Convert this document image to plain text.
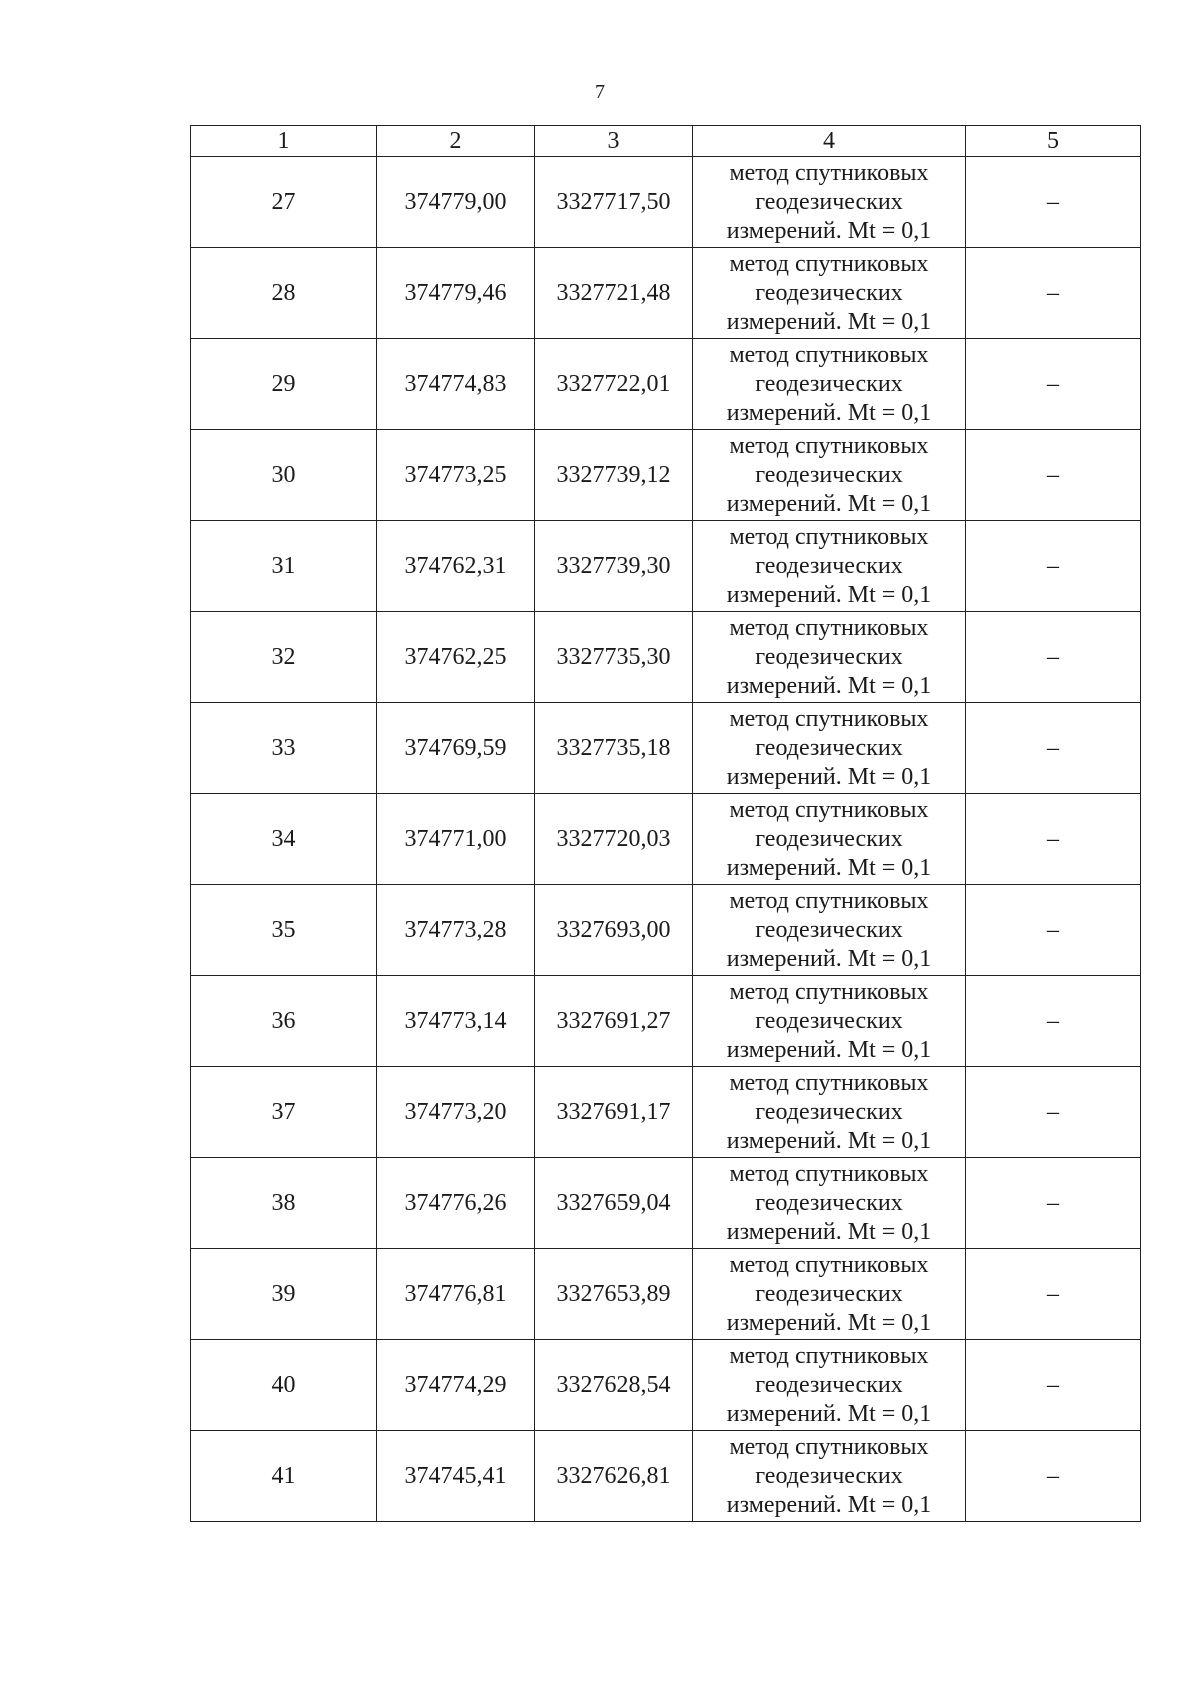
7
1	2	3	4	5
27	374779,00	3327717,50	метод спутниковых
геодезических
измерений. Mt = 0,1	–
28	374779,46	3327721,48	метод спутниковых
геодезических
измерений. Mt = 0,1	–
29	374774,83	3327722,01	метод спутниковых
геодезических
измерений. Mt = 0,1	–
30	374773,25	3327739,12	метод спутниковых
геодезических
измерений. Mt = 0,1	–
31	374762,31	3327739,30	метод спутниковых
геодезических
измерений. Mt = 0,1	–
32	374762,25	3327735,30	метод спутниковых
геодезических
измерений. Mt = 0,1	–
33	374769,59	3327735,18	метод спутниковых
геодезических
измерений. Mt = 0,1	–
34	374771,00	3327720,03	метод спутниковых
геодезических
измерений. Mt = 0,1	–
35	374773,28	3327693,00	метод спутниковых
геодезических
измерений. Mt = 0,1	–
36	374773,14	3327691,27	метод спутниковых
геодезических
измерений. Mt = 0,1	–
37	374773,20	3327691,17	метод спутниковых
геодезических
измерений. Mt = 0,1	–
38	374776,26	3327659,04	метод спутниковых
геодезических
измерений. Mt = 0,1	–
39	374776,81	3327653,89	метод спутниковых
геодезических
измерений. Mt = 0,1	–
40	374774,29	3327628,54	метод спутниковых
геодезических
измерений. Mt = 0,1	–
41	374745,41	3327626,81	метод спутниковых
геодезических
измерений. Mt = 0,1	–
